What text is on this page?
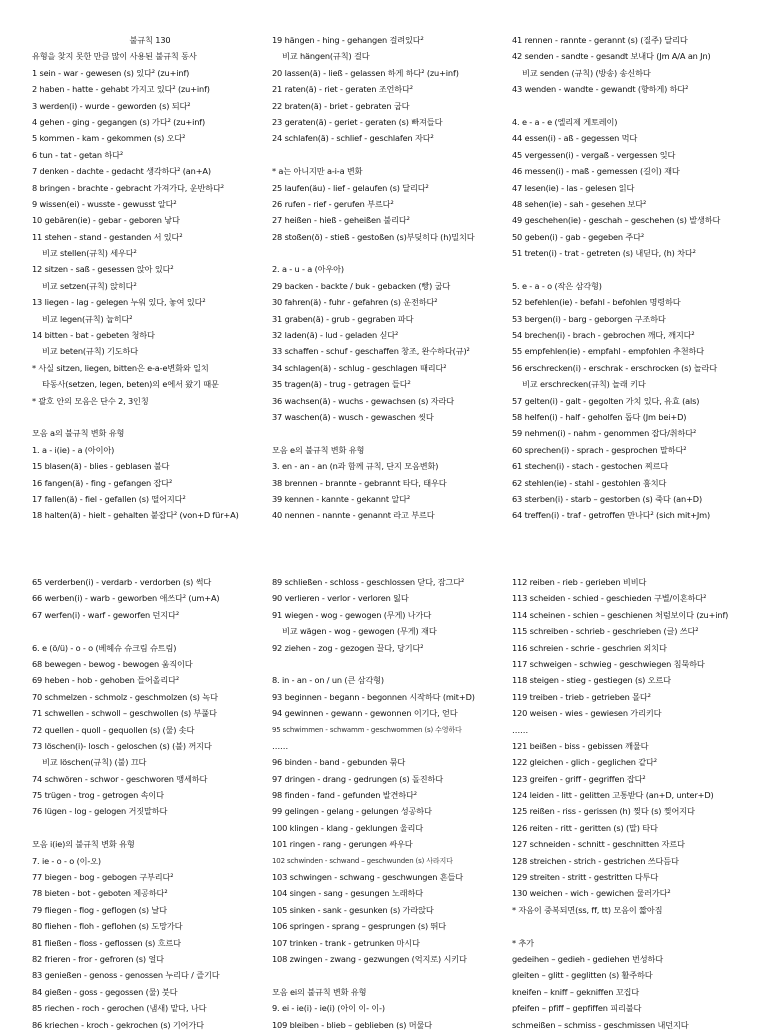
불규칙 130
유형을 찾지 못한 만큼 많이 사용된 불규칙 동사
1 sein - war - gewesen (s) 있다² (zu+inf)
2 haben - hatte - gehabt 가지고 있다² (zu+inf)
3 werden(i) - wurde - geworden (s) 되다²
4 gehen - ging - gegangen (s) 가다² (zu+inf)
5 kommen - kam - gekommen (s) 오다²
6 tun - tat - getan 하다²
7 denken - dachte - gedacht 생각하다² (an+A)
8 bringen - brachte - gebracht 가져가다, 운반하다²
9 wissen(ei) - wusste - gewusst 알다²
10 gebären(ie) - gebar - geboren 낳다
11 stehen - stand - gestanden 서 있다²
비교 stellen(규칙) 세우다²
12 sitzen - saß - gesessen 앉아 있다²
비교 setzen(규칙) 앉히다²
13 liegen - lag - gelegen 누워 있다, 놓여 있다²
비교 legen(규칙) 눕히다²
14 bitten - bat - gebeten 청하다
비교 beten(규칙) 기도하다
* 사실 sitzen, liegen, bitten은 e-a-e변화와 일치
타동사(setzen, legen, beten)의 e에서 왔기 때문
* 괄호 안의 모음은 단수 2, 3인칭
모음 a의 불규칙 변화 유형
1. a - i(ie) - a (아이아)
15 blasen(ä) - blies - geblasen 불다
16 fangen(ä) - fing - gefangen 잡다²
17 fallen(ä) - fiel - gefallen (s) 떨어지다²
18 halten(ä) - hielt - gehalten 붙잡다² (von+D für+A)
19 hängen - hing - gehangen 걸려있다²
비교 hängen(규칙) 걸다
20 lassen(ä) - ließ - gelassen 하게 하다² (zu+inf)
21 raten(ä) - riet - geraten 조언하다²
22 braten(ä) - briet - gebraten 굽다
23 geraten(ä) - geriet - geraten (s) 빠져들다
24 schlafen(ä) - schlief - geschlafen 자다²
* a는 아니지만 a-i-a 변화
25 laufen(äu) - lief - gelaufen (s) 달리다²
26 rufen - rief - gerufen 부르다²
27 heißen - hieß - geheißen 불리다²
28 stoßen(ö) - stieß - gestoßen (s)부딪히다 (h)밀치다
2. a - u - a (아우아)
29 backen - backte / buk - gebacken (빵) 굽다
30 fahren(ä) - fuhr - gefahren (s) 운전하다²
31 graben(ä) - grub - gegraben 파다
32 laden(ä) - lud - geladen 싣다²
33 schaffen - schuf - geschaffen 창조, 완수하다(규)²
34 schlagen(ä) - schlug - geschlagen 때리다²
35 tragen(ä) - trug - getragen 들다²
36 wachsen(ä) - wuchs - gewachsen (s) 자라다
37 waschen(ä) - wusch - gewaschen 씻다
모음 e의 불규칙 변화 유형
3. en - an - an (n과 함께 규칙, 단지 모음변화)
38 brennen - brannte - gebrannt 타다, 태우다
39 kennen - kannte - gekannt 알다²
40 nennen - nannte - genannt 라고 부르다
41 rennen - rannte - gerannt (s) (질주) 달리다
42 senden - sandte - gesandt 보내다 (Jm A/A an Jn)
비교 senden (규칙) (방송) 송신하다
43 wenden - wandte - gewandt (향하게) 하다²
4. e - a - e (엘리제 게토레이)
44 essen(i) - aß - gegessen 먹다
45 vergessen(i) - vergaß - vergessen 잊다
46 messen(i) - maß - gemessen (길이) 재다
47 lesen(ie) - las - gelesen 읽다
48 sehen(ie) - sah - gesehen 보다²
49 geschehen(ie) - geschah – geschehen (s) 발생하다
50 geben(i) - gab - gegeben 주다²
51 treten(i) - trat - getreten (s) 내딛다, (h) 차다²
5. e - a - o (작은 삼각형)
52 befehlen(ie) - befahl - befohlen 명령하다
53 bergen(i) - barg - geborgen 구조하다
54 brechen(i) - brach - gebrochen 깨다, 깨지다²
55 empfehlen(ie) - empfahl - empfohlen 추천하다
56 erschrecken(i) - erschrak - erschrocken (s) 놀라다
비교 erschrecken(규칙) 놀래 키다
57 gelten(i) - galt - gegolten 가치 있다, 유효 (als)
58 helfen(i) - half - geholfen 돕다 (Jm bei+D)
59 nehmen(i) - nahm - genommen 잡다/취하다²
60 sprechen(i) - sprach - gesprochen 말하다²
61 stechen(i) - stach - gestochen 찌르다
62 stehlen(ie) - stahl - gestohlen 훔치다
63 sterben(i) - starb – gestorben (s) 죽다 (an+D)
64 treffen(i) - traf - getroffen 만나다² (sich mit+Jm)
65 verderben(i) - verdarb - verdorben (s) 썩다
66 werben(i) - warb - geworben 애쓰다² (um+A)
67 werfen(i) - warf - geworfen 던지다²
6. e (ö/ü) - o - o (베헤슈 슈크림 슈트림)
68 bewegen - bewog - bewogen 움직이다
69 heben - hob - gehoben 들어올리다²
70 schmelzen - schmolz - geschmolzen (s) 녹다
71 schwellen - schwoll – geschwollen (s) 부풀다
72 quellen - quoll - gequollen (s) (물) 솟다
73 löschen(i)- losch - geloschen (s) (불) 꺼지다
비교 löschen(규칙) (불) 끄다
74 schwören - schwor - geschworen 맹세하다
75 trügen - trog - getrogen 속이다
76 lügen - log - gelogen 거짓말하다
모음 i(ie)의 불규칙 변화 유형
7. ie - o - o (이-오)
77 biegen - bog - gebogen 구부리다²
78 bieten - bot - geboten 제공하다²
79 fliegen - flog - geflogen (s) 날다
80 fliehen - floh - geflohen (s) 도망가다
81 fließen - floss - geflossen (s) 흐르다
82 frieren - fror - gefroren (s) 얼다
83 genießen - genoss - genossen 누리다 / 즐기다
84 gießen - goss - gegossen (물) 붓다
85 riechen - roch - gerochen (냄새) 맡다, 나다
86 kriechen - kroch - gekrochen (s) 기어가다
89 schließen - schloss - geschlossen 닫다, 잠그다²
90 verlieren - verlor - verloren 잃다
91 wiegen - wog - gewogen (무게) 나가다
비교 wägen - wog - gewogen (무게) 재다
92 ziehen - zog - gezogen 끌다, 당기다²
8. in - an - on / un (큰 삼각형)
93 beginnen - begann - begonnen 시작하다 (mit+D)
94 gewinnen - gewann - gewonnen 이기다, 얻다
95 schwimmen - schwamm - geschwommen (s) 수영하다
……
96 binden - band - gebunden 묶다
97 dringen - drang - gedrungen (s) 돌진하다
98 finden - fand - gefunden 발견하다²
99 gelingen - gelang - gelungen 성공하다
100 klingen - klang - geklungen 울리다
101 ringen - rang - gerungen 싸우다
102 schwinden - schwand – geschwunden (s) 사라지다
103 schwingen - schwang - geschwungen 흔들다
104 singen - sang - gesungen 노래하다
105 sinken - sank - gesunken (s) 가라앉다
106 springen - sprang – gesprungen (s) 뛰다
107 trinken - trank - getrunken 마시다
108 zwingen - zwang - gezwungen (억지로) 시키다
모음 ei의 불규칙 변화 유형
9. ei - ie(i) - ie(i) (아이 이- 이-)
109 bleiben - blieb – geblieben (s) 머물다
112 reiben - rieb - gerieben 비비다
113 scheiden - schied - geschieden 구별/이혼하다²
114 scheinen - schien – geschienen 처럼보이다 (zu+inf)
115 schreiben - schrieb - geschrieben (글) 쓰다²
116 schreien - schrie - geschrien 외치다
117 schweigen - schwieg - geschwiegen 침묵하다
118 steigen - stieg - gestiegen (s) 오르다
119 treiben - trieb - getrieben 몰다²
120 weisen - wies - gewiesen 가리키다
……
121 beißen - biss - gebissen 깨물다
122 gleichen - glich - geglichen 같다²
123 greifen - griff - gegriffen 잡다²
124 leiden - litt - gelitten 고통받다 (an+D, unter+D)
125 reißen - riss - gerissen (h) 찢다 (s) 찢어지다
126 reiten - ritt - geritten (s) (말) 타다
127 schneiden - schnitt - geschnitten 자르다
128 streichen - strich - gestrichen 쓰다듬다
129 streiten - stritt - gestritten 다투다
130 weichen - wich - gewichen 물러가다²
* 자음이 중복되면(ss, ff, tt) 모음이 짧아짐
* 추가
gedeihen – gedieh - gediehen 번성하다
gleiten – glitt - geglitten (s) 활주하다
kneifen – kniff – gekniffen 꼬집다
pfeifen – pfiff – gepfiffen 피리불다
schmeißen – schmiss - geschmissen 내던지다
